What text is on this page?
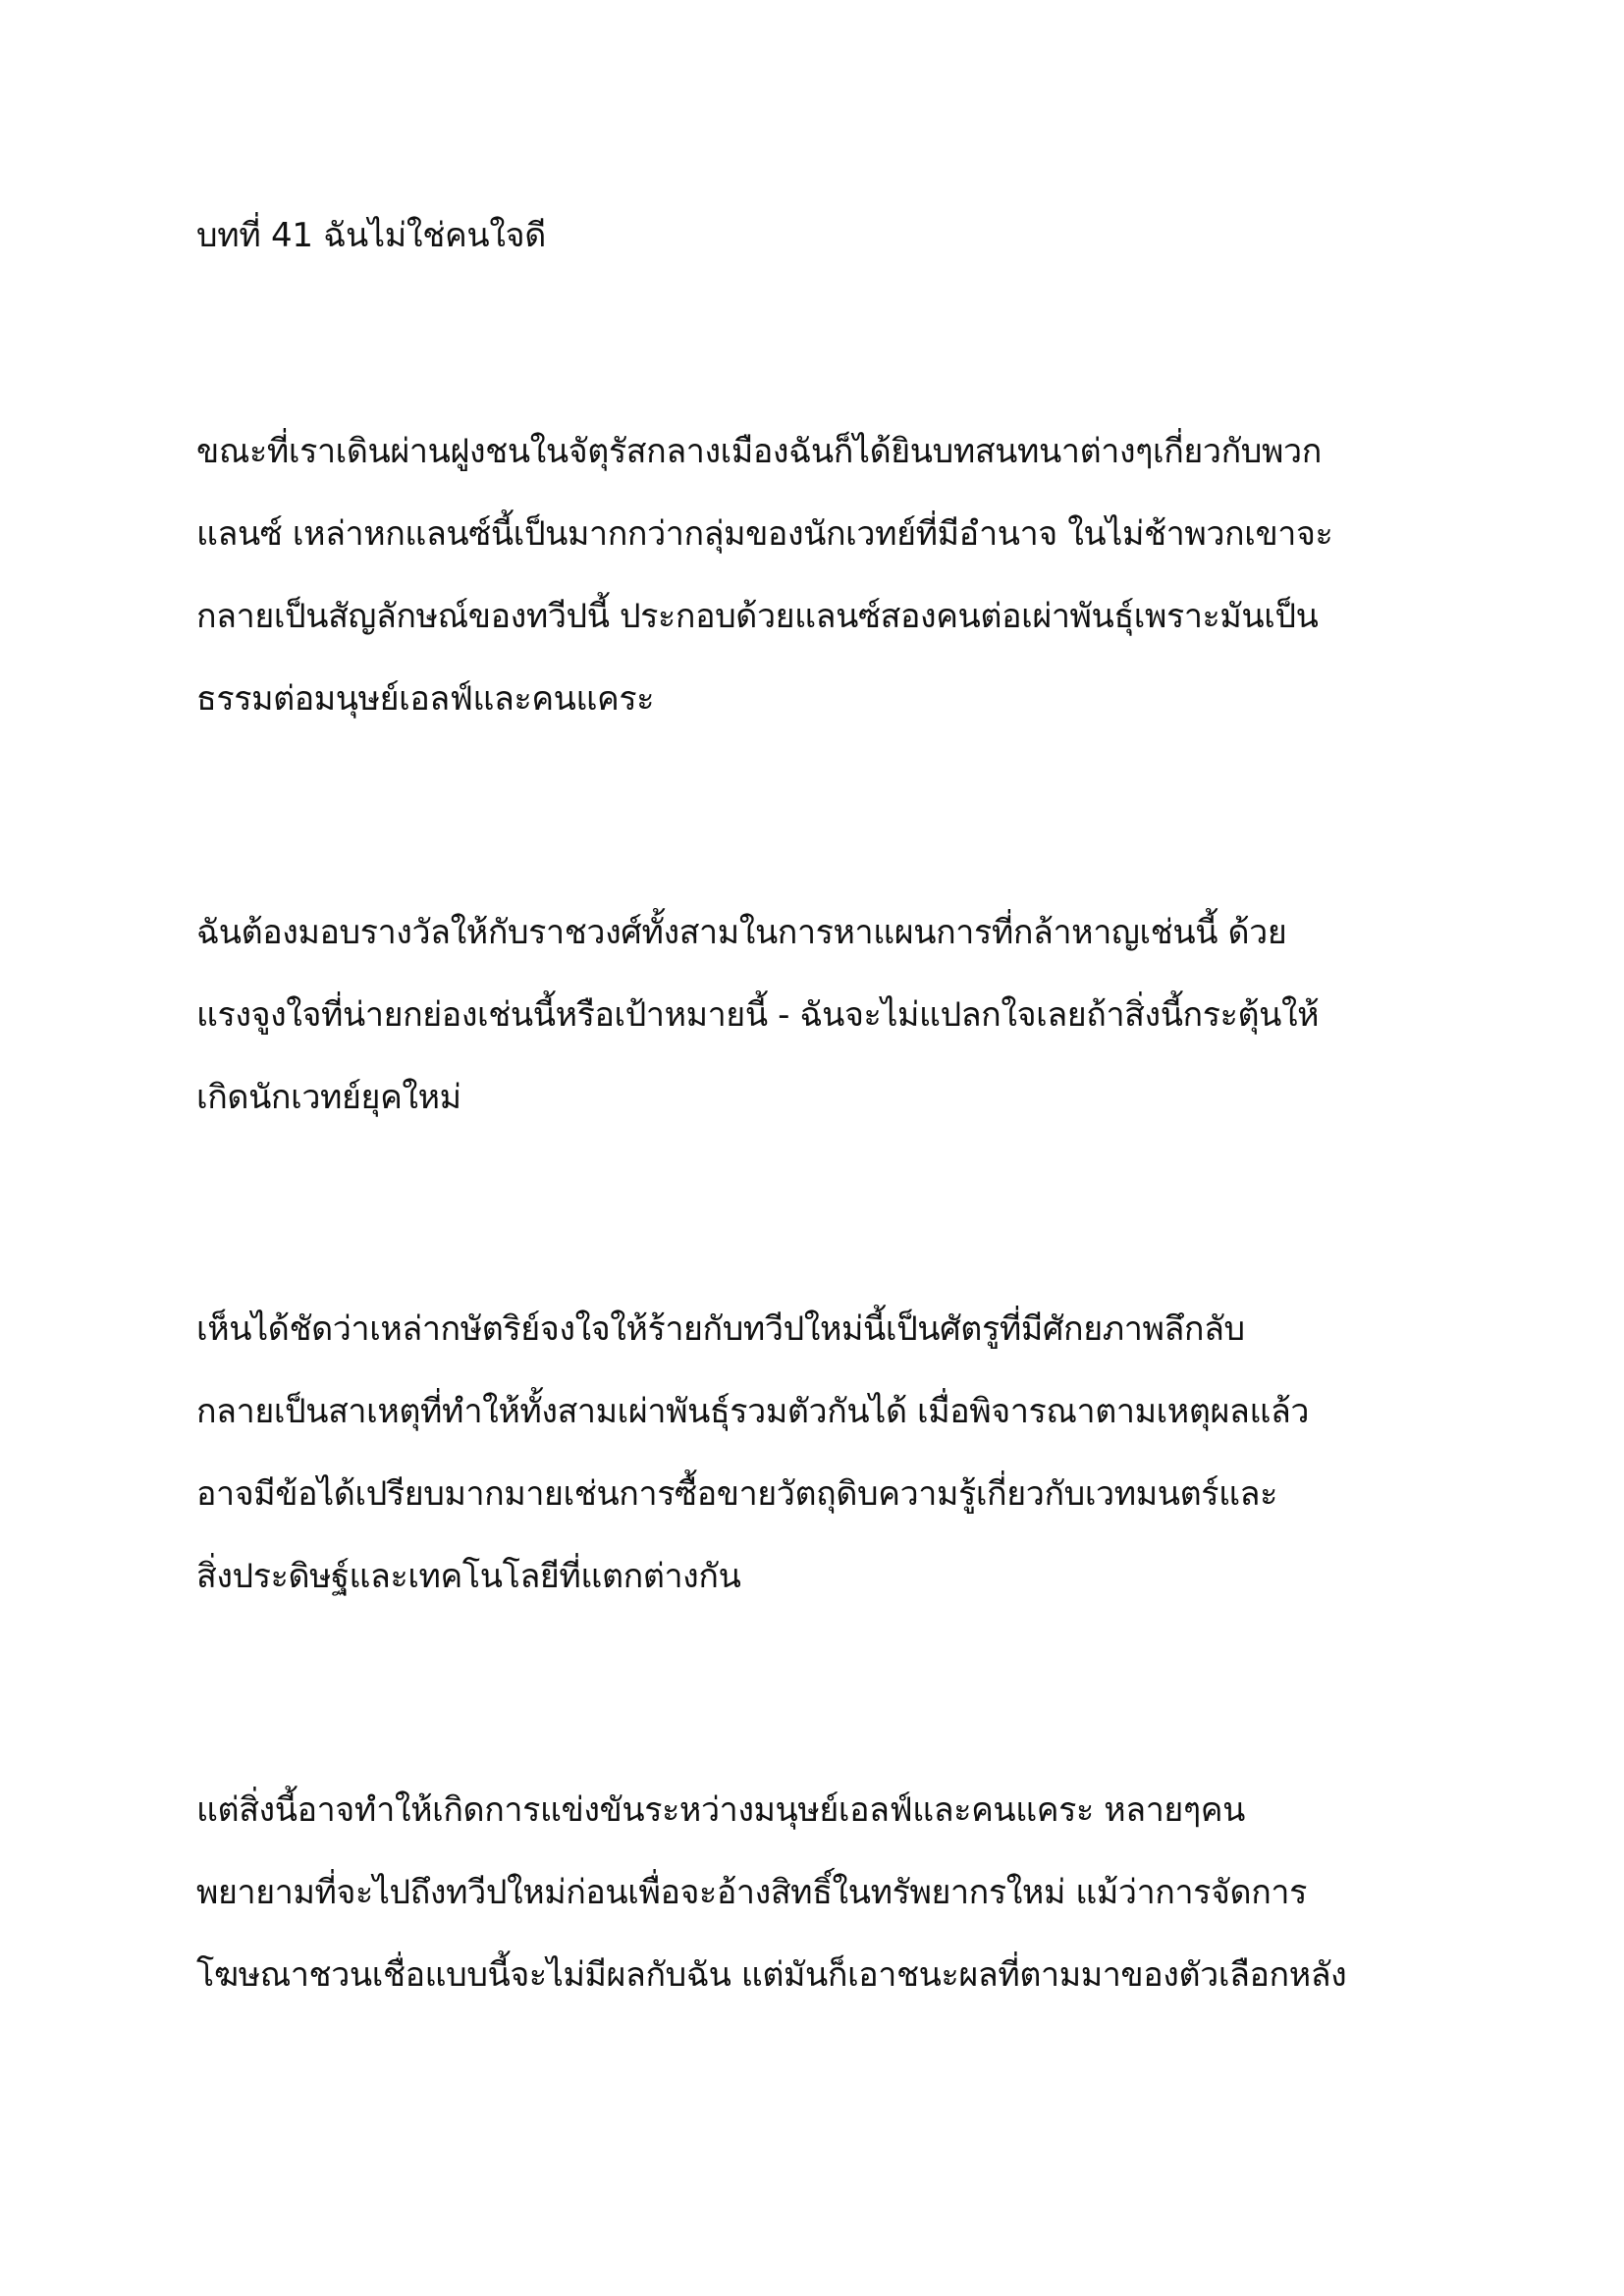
บทที่ 41 ฉันไม่ใช่คนใจดี
ขณะที่เราเดินผ่านฝูงชนในจัตุรัสกลางเมืองฉันก็ได้ยินบทสนทนาต่างๆเกี่ยวกับพวก
แลนซ์ เหล่าหกแลนซ์นี้เป็นมากกว่ากลุ่มของนักเวทย์ที่มีอำนาจ ในไม่ช้าพวกเขาจะ
กลายเป็นสัญลักษณ์ของทวีปนี้ ประกอบด้วยแลนซ์สองคนต่อเผ่าพันธุ์เพราะมันเป็น
ธรรมต่อมนุษย์เอลฟ์และคนแคระ
ฉันต้องมอบรางวัลให้กับราชวงศ์ทั้งสามในการหาแผนการที่กล้าหาญเช่นนี้ ด้วย
แรงจูงใจที่น่ายกย่องเช่นนี้หรือเป้าหมายนี้ - ฉันจะไม่แปลกใจเลยถ้าสิ่งนี้กระตุ้นให้
เกิดนักเวทย์ยุคใหม่
เห็นได้ชัดว่าเหล่ากษัตริย์จงใจให้ร้ายกับทวีปใหม่นี้เป็นศัตรูที่มีศักยภาพลึกลับ
กลายเป็นสาเหตุที่ทำให้ทั้งสามเผ่าพันธุ์รวมตัวกันได้ เมื่อพิจารณาตามเหตุผลแล้ว
อาจมีข้อได้เปรียบมากมายเช่นการซื้อขายวัตถุดิบความรู้เกี่ยวกับเวทมนตร์และ
สิ่งประดิษฐ์และเทคโนโลยีที่แตกต่างกัน
แต่สิ่งนี้อาจทำให้เกิดการแข่งขันระหว่างมนุษย์เอลฟ์และคนแคระ หลายๆคน
พยายามที่จะไปถึงทวีปใหม่ก่อนเพื่อจะอ้างสิทธิ์ในทรัพยากรใหม่ แม้ว่าการจัดการ
โฆษณาชวนเชื่อแบบนี้จะไม่มีผลกับฉัน แต่มันก็เอาชนะผลที่ตามมาของตัวเลือกหลัง
